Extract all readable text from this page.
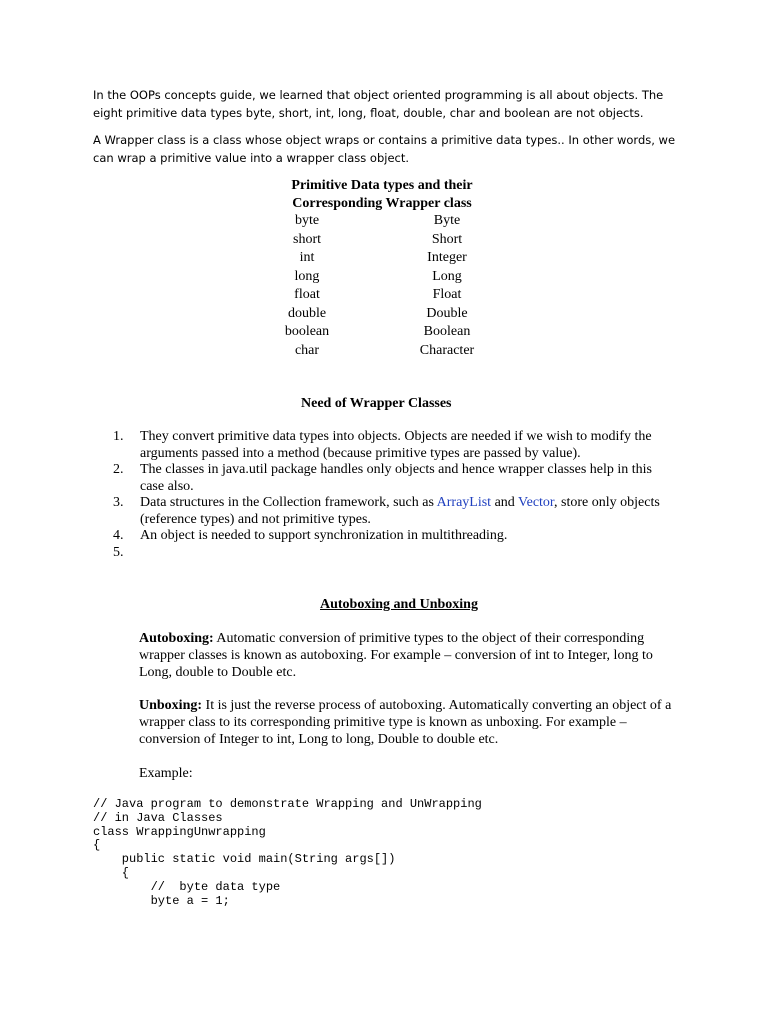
In the OOPs concepts guide, we learned that object oriented programming is all about objects. The eight primitive data types byte, short, int, long, float, double, char and boolean are not objects.

A Wrapper class is a class whose object wraps or contains a primitive data types.. In other words, we can wrap a primitive value into a wrapper class object.

Primitive Data types and their
Corresponding Wrapper class

byte	Byte
short	Short
int	Integer
long	Long
float	Float
double	Double
boolean	Boolean
char	Character
Need of Wrapper Classes
1. They convert primitive data types into objects. Objects are needed if we wish to modify the arguments passed into a method (because primitive types are passed by value).
2. The classes in java.util package handles only objects and hence wrapper classes help in this case also.
3. Data structures in the Collection framework, such as ArrayList and Vector, store only objects (reference types) and not primitive types.
4. An object is needed to support synchronization in multithreading.
5.

Autoboxing and Unboxing

Autoboxing: Automatic conversion of primitive types to the object of their corresponding wrapper classes is known as autoboxing. For example – conversion of int to Integer, long to Long, double to Double etc.

Unboxing: It is just the reverse process of autoboxing. Automatically converting an object of a wrapper class to its corresponding primitive type is known as unboxing. For example – conversion of Integer to int, Long to long, Double to double etc.

Example:

// Java program to demonstrate Wrapping and UnWrapping
// in Java Classes
class WrappingUnwrapping
{
public static void main(String args[])
{
//  byte data type
byte a = 1;
